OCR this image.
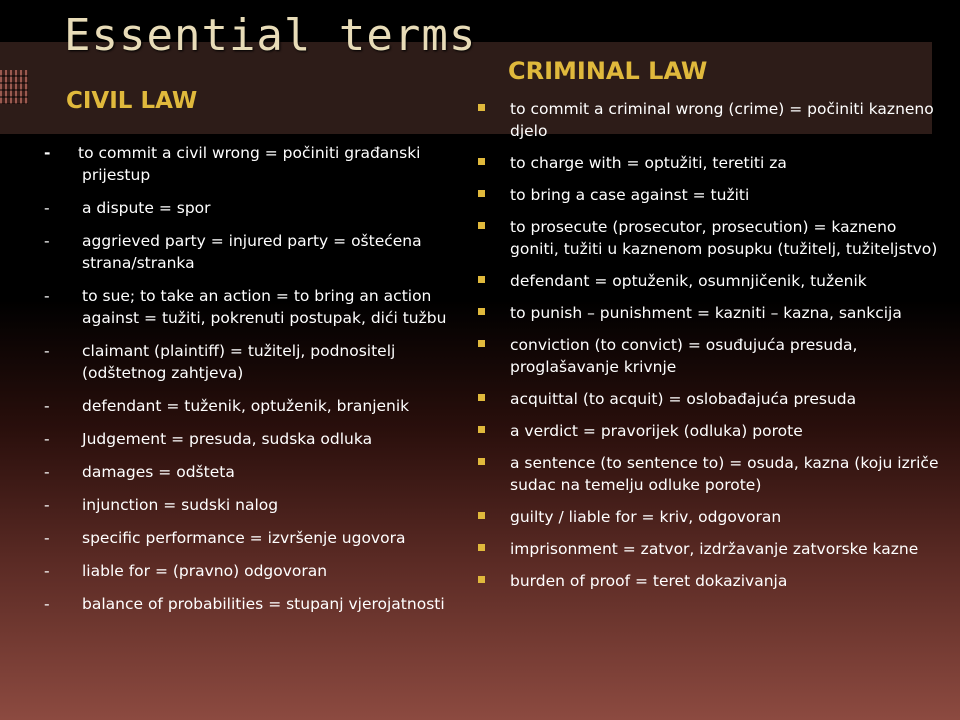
Essential terms
CRIMINAL LAW
CIVIL LAW
- to commit a civil wrong = počiniti građanski prijestup
- a dispute = spor
- aggrieved party = injured party = oštećena strana/stranka
- to sue; to take an action = to bring an action against = tužiti, pokrenuti postupak, dići tužbu
- claimant (plaintiff) = tužitelj, podnositelj (odštetnog zahtjeva)
- defendant = tuženik, optuženik, branjenik
- Judgement = presuda, sudska odluka
- damages = odšteta
- injunction = sudski nalog
- specific performance = izvršenje ugovora
- liable for = (pravno) odgovoran
- balance of probabilities = stupanj vjerojatnosti
to commit a criminal wrong (crime) = počiniti kazneno djelo
to charge with = optužiti, teretiti za
to bring a case against = tužiti
to prosecute (prosecutor, prosecution) = kazneno goniti, tužiti u kaznenom posupku (tužitelj, tužiteljstvo)
defendant = optuženik, osumnjičenik, tuženik
to punish – punishment = kazniti – kazna, sankcija
conviction (to convict) = osuđujuća presuda, proglašavanje krivnje
acquittal (to acquit) = oslobađajuća presuda
a verdict = pravorijek (odluka) porote
a sentence (to sentence to) = osuda, kazna (koju izriče sudac na temelju odluke porote)
guilty / liable for = kriv, odgovoran
imprisonment = zatvor, izdržavanje zatvorske kazne
burden of proof = teret dokazivanja
